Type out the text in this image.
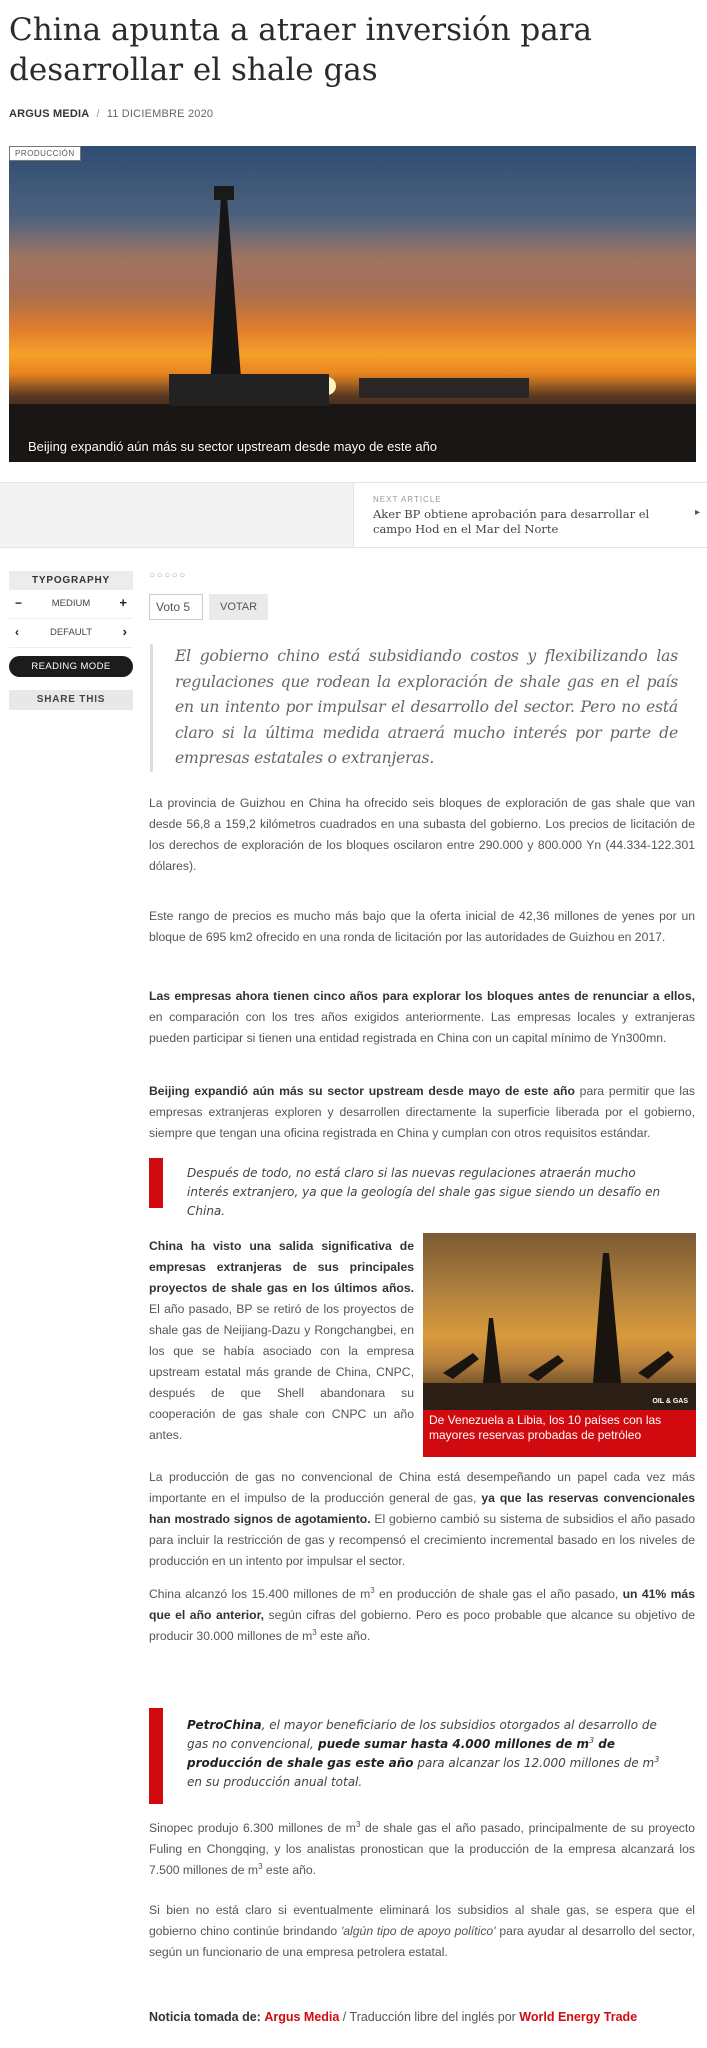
China apunta a atraer inversión para desarrollar el shale gas
ARGUS MEDIA / 11 DICIEMBRE 2020
PRODUCCIÓN
Beijing expandió aún más su sector upstream desde mayo de este año
NEXT ARTICLE
Aker BP obtiene aprobación para desarrollar el campo Hod en el Mar del Norte
▸
TYPOGRAPHY
−	MEDIUM	+
‹	DEFAULT	›
READING MODE
SHARE THIS
○○○○○
Voto 5	VOTAR
El gobierno chino está subsidiando costos y flexibilizando las regulaciones que rodean la exploración de shale gas en el país en un intento por impulsar el desarrollo del sector. Pero no está claro si la última medida atraerá mucho interés por parte de empresas estatales o extranjeras.

La provincia de Guizhou en China ha ofrecido seis bloques de exploración de gas shale que van desde 56,8 a 159,2 kilómetros cuadrados en una subasta del gobierno. Los precios de licitación de los derechos de exploración de los bloques oscilaron entre 290.000 y 800.000 Yn (44.334-122.301 dólares).

Este rango de precios es mucho más bajo que la oferta inicial de 42,36 millones de yenes por un bloque de 695 km2 ofrecido en una ronda de licitación por las autoridades de Guizhou en 2017.

Las empresas ahora tienen cinco años para explorar los bloques antes de renunciar a ellos, en comparación con los tres años exigidos anteriormente. Las empresas locales y extranjeras pueden participar si tienen una entidad registrada en China con un capital mínimo de Yn300mn.

Beijing expandió aún más su sector upstream desde mayo de este año para permitir que las empresas extranjeras exploren y desarrollen directamente la superficie liberada por el gobierno, siempre que tengan una oficina registrada en China y cumplan con otros requisitos estándar.

Después de todo, no está claro si las nuevas regulaciones atraerán mucho interés extranjero, ya que la geología del shale gas sigue siendo un desafío en China.

China ha visto una salida significativa de empresas extranjeras de sus principales proyectos de shale gas en los últimos años. El año pasado, BP se retiró de los proyectos de shale gas de Neijiang-Dazu y Rongchangbei, en los que se había asociado con la empresa upstream estatal más grande de China, CNPC, después de que Shell abandonara su cooperación de gas shale con CNPC un año antes.

OIL & GAS
De Venezuela a Libia, los 10 países con las mayores reservas probadas de petróleo

La producción de gas no convencional de China está desempeñando un papel cada vez más importante en el impulso de la producción general de gas, ya que las reservas convencionales han mostrado signos de agotamiento. El gobierno cambió su sistema de subsidios el año pasado para incluir la restricción de gas y recompensó el crecimiento incremental basado en los niveles de producción en un intento por impulsar el sector.

China alcanzó los 15.400 millones de $m^3$ en producción de shale gas el año pasado, un 41% más que el año anterior, según cifras del gobierno. Pero es poco probable que alcance su objetivo de producir 30.000 millones de $m^3$ este año.

PetroChina, el mayor beneficiario de los subsidios otorgados al desarrollo de gas no convencional, puede sumar hasta 4.000 millones de $m^3$ de producción de shale gas este año para alcanzar los 12.000 millones de $m^3$ en su producción anual total.

Sinopec produjo 6.300 millones de $m^3$ de shale gas el año pasado, principalmente de su proyecto Fuling en Chongqing, y los analistas pronostican que la producción de la empresa alcanzará los 7.500 millones de $m^3$ este año.

Si bien no está claro si eventualmente eliminará los subsidios al shale gas, se espera que el gobierno chino continúe brindando 'algún tipo de apoyo político' para ayudar al desarrollo del sector, según un funcionario de una empresa petrolera estatal.

Noticia tomada de: Argus Media / Traducción libre del inglés por World Energy Trade
